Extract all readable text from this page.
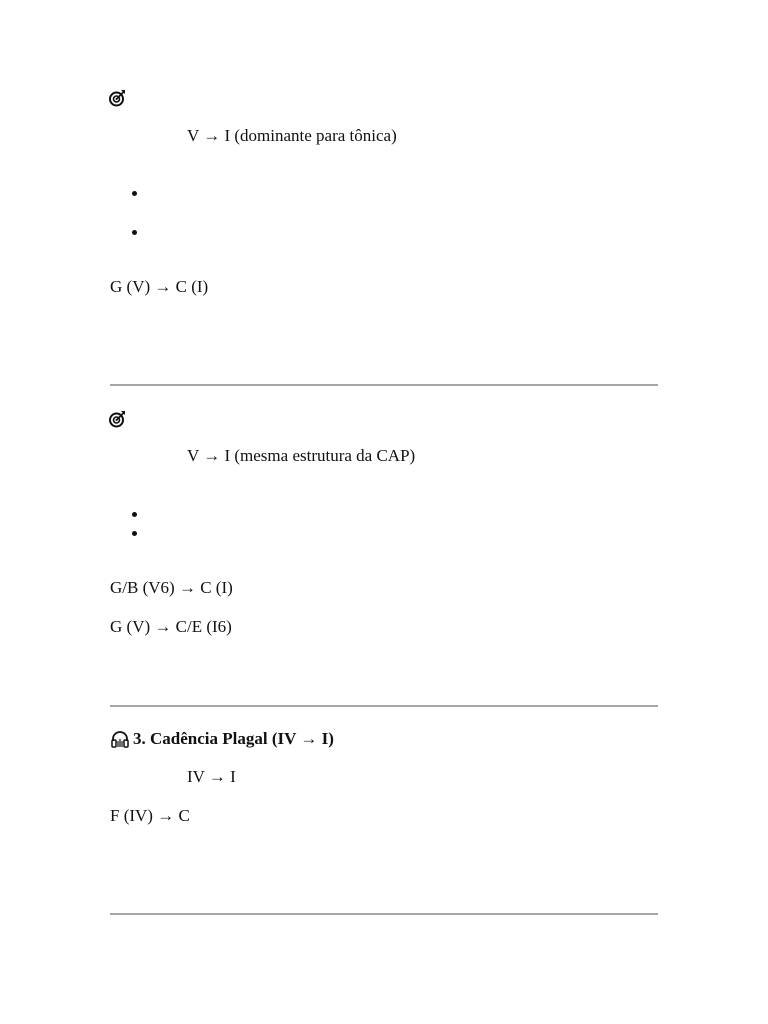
V → I (dominante para tônica)
G (V) → C (I)
V → I (mesma estrutura da CAP)
G/B (V6) → C (I)
G (V) → C/E (I6)
3. Cadência Plagal (IV → I)
IV → I
F (IV) → C
